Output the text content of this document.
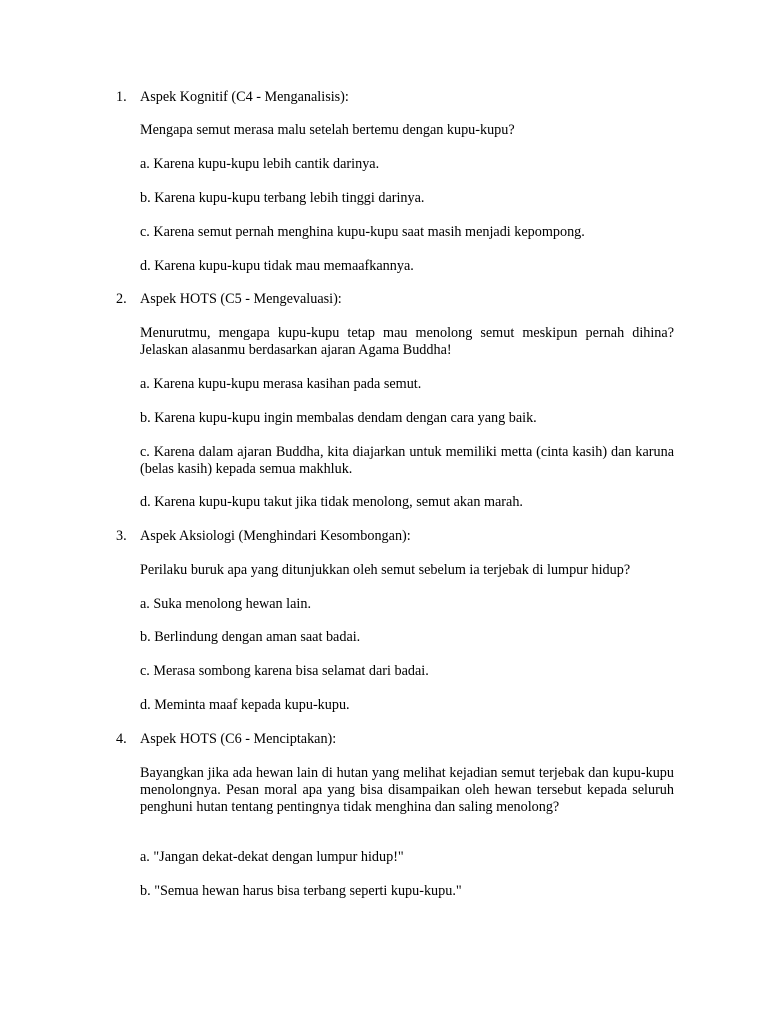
1. Aspek Kognitif (C4 - Menganalisis):
Mengapa semut merasa malu setelah bertemu dengan kupu-kupu?
a. Karena kupu-kupu lebih cantik darinya.
b. Karena kupu-kupu terbang lebih tinggi darinya.
c. Karena semut pernah menghina kupu-kupu saat masih menjadi kepompong.
d. Karena kupu-kupu tidak mau memaafkannya.
2. Aspek HOTS (C5 - Mengevaluasi):
Menurutmu, mengapa kupu-kupu tetap mau menolong semut meskipun pernah dihina? Jelaskan alasanmu berdasarkan ajaran Agama Buddha!
a. Karena kupu-kupu merasa kasihan pada semut.
b. Karena kupu-kupu ingin membalas dendam dengan cara yang baik.
c. Karena dalam ajaran Buddha, kita diajarkan untuk memiliki metta (cinta kasih) dan karuna (belas kasih) kepada semua makhluk.
d. Karena kupu-kupu takut jika tidak menolong, semut akan marah.
3. Aspek Aksiologi (Menghindari Kesombongan):
Perilaku buruk apa yang ditunjukkan oleh semut sebelum ia terjebak di lumpur hidup?
a. Suka menolong hewan lain.
b. Berlindung dengan aman saat badai.
c. Merasa sombong karena bisa selamat dari badai.
d. Meminta maaf kepada kupu-kupu.
4. Aspek HOTS (C6 - Menciptakan):
Bayangkan jika ada hewan lain di hutan yang melihat kejadian semut terjebak dan kupu-kupu menolongnya. Pesan moral apa yang bisa disampaikan oleh hewan tersebut kepada seluruh penghuni hutan tentang pentingnya tidak menghina dan saling menolong?
a. "Jangan dekat-dekat dengan lumpur hidup!"
b. "Semua hewan harus bisa terbang seperti kupu-kupu."
